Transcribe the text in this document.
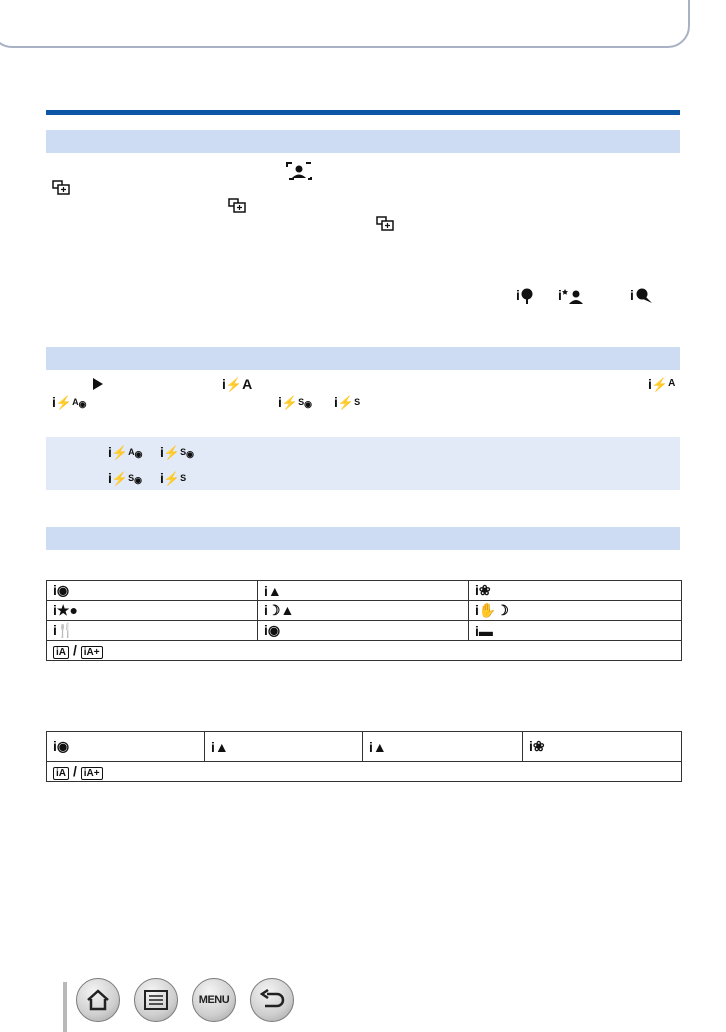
i	i	i
i⚡A	i⚡$^A$
i⚡$^A$◉	i⚡$^S$◉ i⚡$^S$
i⚡$^A$◉ i⚡$^S$◉
i⚡$^S$◉ i⚡$^S$
i◉	i▲	i❀
i★●	i☽▲	i✋☽
i🍴	i◉	i▬
iA / iA+		
i◉	i▲	i▲	i❀
iA / iA+
MENU
